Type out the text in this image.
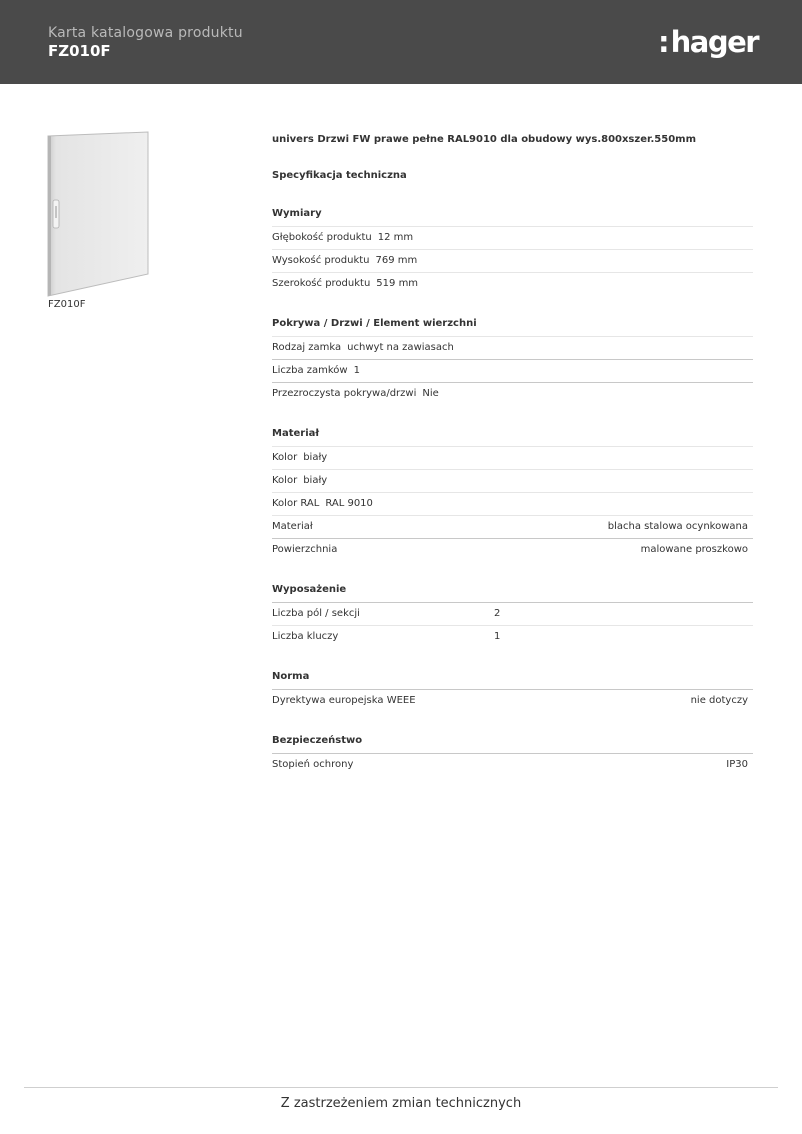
Karta katalogowa produktu
FZ010F	:hager
FZ010F
univers Drzwi FW prawe pełne RAL9010 dla obudowy wys.800xszer.550mm
Specyfikacja techniczna
Wymiary
Głębokość produktu 12 mm
Wysokość produktu 769 mm
Szerokość produktu 519 mm
Pokrywa / Drzwi / Element wierzchni
Rodzaj zamka uchwyt na zawiasach
Liczba zamków 1
Przezroczysta pokrywa/drzwi Nie
Materiał
Kolor biały
Kolor biały
Kolor RAL RAL 9010
Materiał	blacha stalowa ocynkowana
Powierzchnia	malowane proszkowo
Wyposażenie
Liczba pól / sekcji	2
Liczba kluczy	1
Norma
Dyrektywa europejska WEEE	nie dotyczy
Bezpieczeństwo
Stopień ochrony	IP30
Z zastrzeżeniem zmian technicznych
